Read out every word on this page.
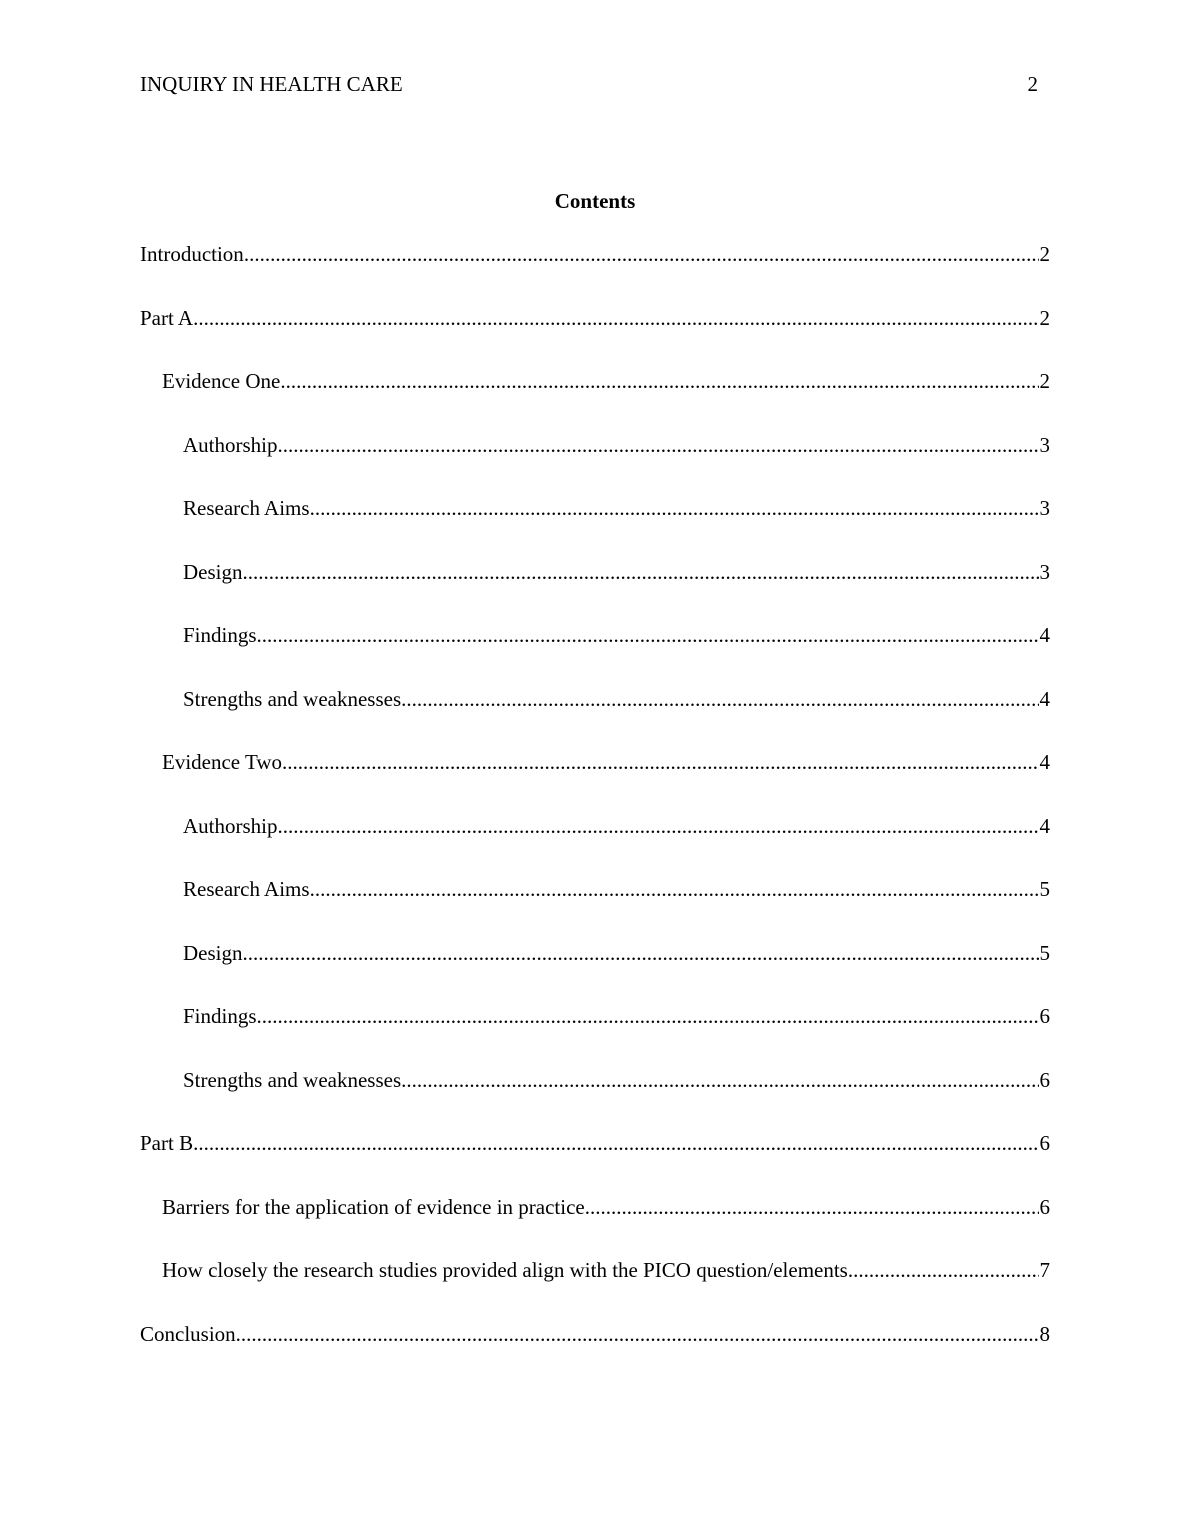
INQUIRY IN HEALTH CARE	2
Contents
Introduction .....	2
Part A .....	2
Evidence One .....	2
Authorship .....	3
Research Aims .....	3
Design .....	3
Findings .....	4
Strengths and weaknesses .....	4
Evidence Two .....	4
Authorship .....	4
Research Aims .....	5
Design .....	5
Findings .....	6
Strengths and weaknesses .....	6
Part B .....	6
Barriers for the application of evidence in practice .....	6
How closely the research studies provided align with the PICO question/elements .....	7
Conclusion .....	8
